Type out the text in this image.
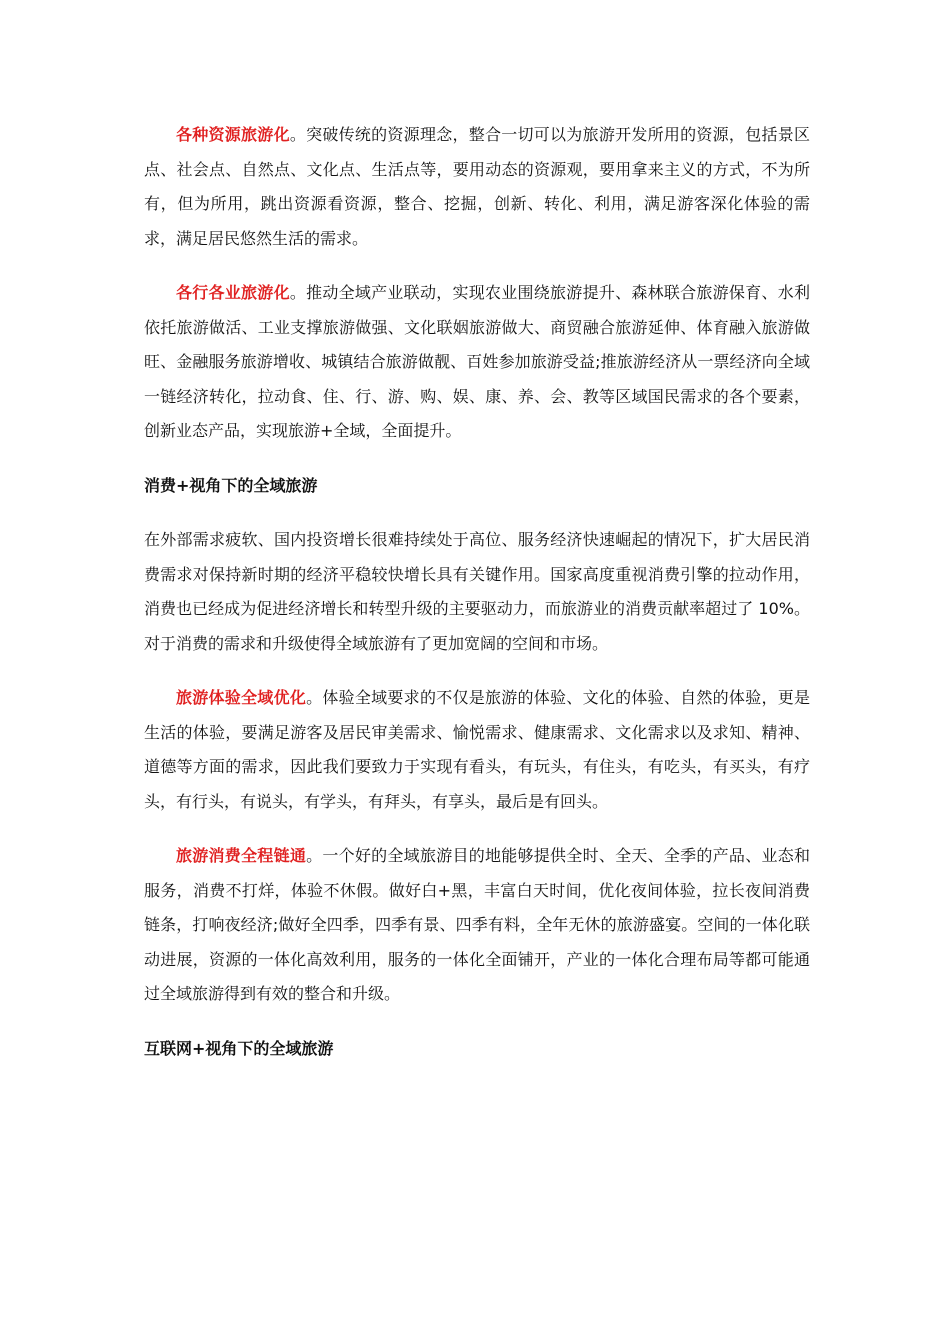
各种资源旅游化。突破传统的资源理念，整合一切可以为旅游开发所用的资源，包括景区点、社会点、自然点、文化点、生活点等，要用动态的资源观，要用拿来主义的方式，不为所有，但为所用，跳出资源看资源，整合、挖掘，创新、转化、利用，满足游客深化体验的需求，满足居民悠然生活的需求。

各行各业旅游化。推动全域产业联动，实现农业围绕旅游提升、森林联合旅游保育、水利依托旅游做活、工业支撑旅游做强、文化联姻旅游做大、商贸融合旅游延伸、体育融入旅游做旺、金融服务旅游增收、城镇结合旅游做靓、百姓参加旅游受益;推旅游经济从一票经济向全域一链经济转化，拉动食、住、行、游、购、娱、康、养、会、教等区域国民需求的各个要素，创新业态产品，实现旅游+全域，全面提升。

消费+视角下的全域旅游

在外部需求疲软、国内投资增长很难持续处于高位、服务经济快速崛起的情况下，扩大居民消费需求对保持新时期的经济平稳较快增长具有关键作用。国家高度重视消费引擎的拉动作用，消费也已经成为促进经济增长和转型升级的主要驱动力，而旅游业的消费贡献率超过了 10%。对于消费的需求和升级使得全域旅游有了更加宽阔的空间和市场。

旅游体验全域优化。体验全域要求的不仅是旅游的体验、文化的体验、自然的体验，更是生活的体验，要满足游客及居民审美需求、愉悦需求、健康需求、文化需求以及求知、精神、道德等方面的需求，因此我们要致力于实现有看头，有玩头，有住头，有吃头，有买头，有疗头，有行头，有说头，有学头，有拜头，有享头，最后是有回头。

旅游消费全程链通。一个好的全域旅游目的地能够提供全时、全天、全季的产品、业态和服务，消费不打烊，体验不休假。做好白+黑，丰富白天时间，优化夜间体验，拉长夜间消费链条，打响夜经济;做好全四季，四季有景、四季有料，全年无休的旅游盛宴。空间的一体化联动进展，资源的一体化高效利用，服务的一体化全面铺开，产业的一体化合理布局等都可能通过全域旅游得到有效的整合和升级。

互联网+视角下的全域旅游
